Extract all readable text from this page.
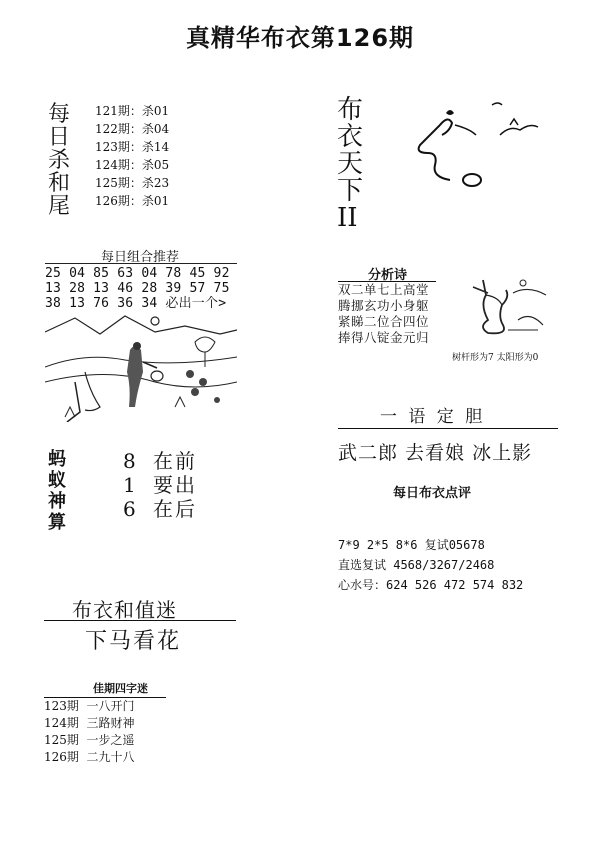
真精华布衣第126期
每
日
杀
和
尾
121期：杀01
122期：杀04
123期：杀14
124期：杀05
125期：杀23
126期：杀01
布
衣
天
下
II
每日组合推荐
25 04 85 63 04 78 45 92
13 28 13 46 28 39 57 75
38 13 76 36 34 必出一个>
分析诗
双二单七上高堂
腾挪玄功小身躯
紧睇二位合四位
捧得八锭金元归
树杆形为7 太阳形为0
蚂
蚁
神
算
8 在前
1 要出
6 在后
一 语 定 胆
武二郎 去看娘 冰上影
每日布衣点评
7*9 2*5 8*6 复试05678
直选复试 4568/3267/2468
心水号：624 526 472 574 832
布衣和值迷
下马看花
佳期四字迷
123期 一八开门
124期 三路财神
125期 一步之遥
126期 二九十八
